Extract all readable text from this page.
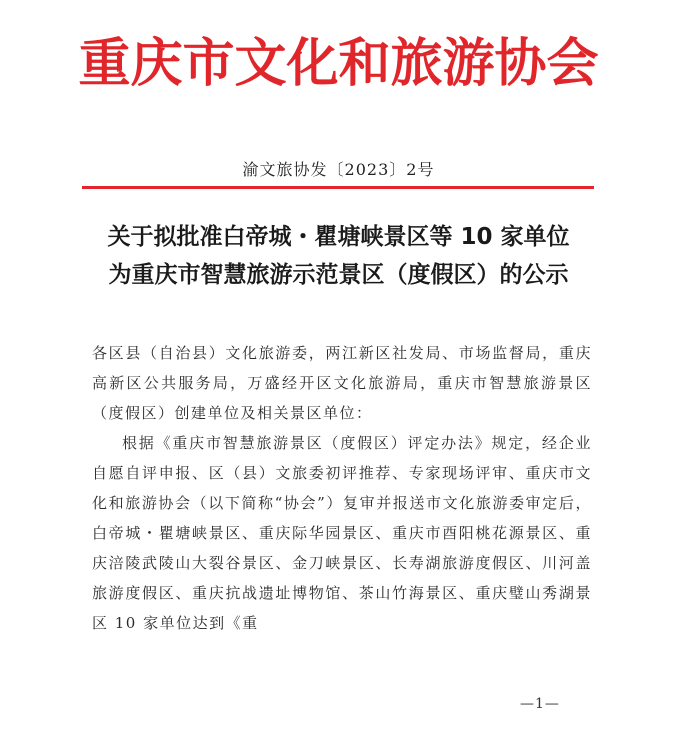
重庆市文化和旅游协会
渝文旅协发〔2023〕2号
关于拟批准白帝城・瞿塘峡景区等 10 家单位
为重庆市智慧旅游示范景区（度假区）的公示

各区县（自治县）文化旅游委，两江新区社发局、市场监督局，重庆高新区公共服务局，万盛经开区文化旅游局，重庆市智慧旅游景区（度假区）创建单位及相关景区单位：

根据《重庆市智慧旅游景区（度假区）评定办法》规定，经企业自愿自评申报、区（县）文旅委初评推荐、专家现场评审、重庆市文化和旅游协会（以下简称“协会”）复审并报送市文化旅游委审定后，白帝城・瞿塘峡景区、重庆际华园景区、重庆市酉阳桃花源景区、重庆涪陵武陵山大裂谷景区、金刀峡景区、长寿湖旅游度假区、川河盖旅游度假区、重庆抗战遗址博物馆、茶山竹海景区、重庆璧山秀湖景区 10 家单位达到《重

—1—
